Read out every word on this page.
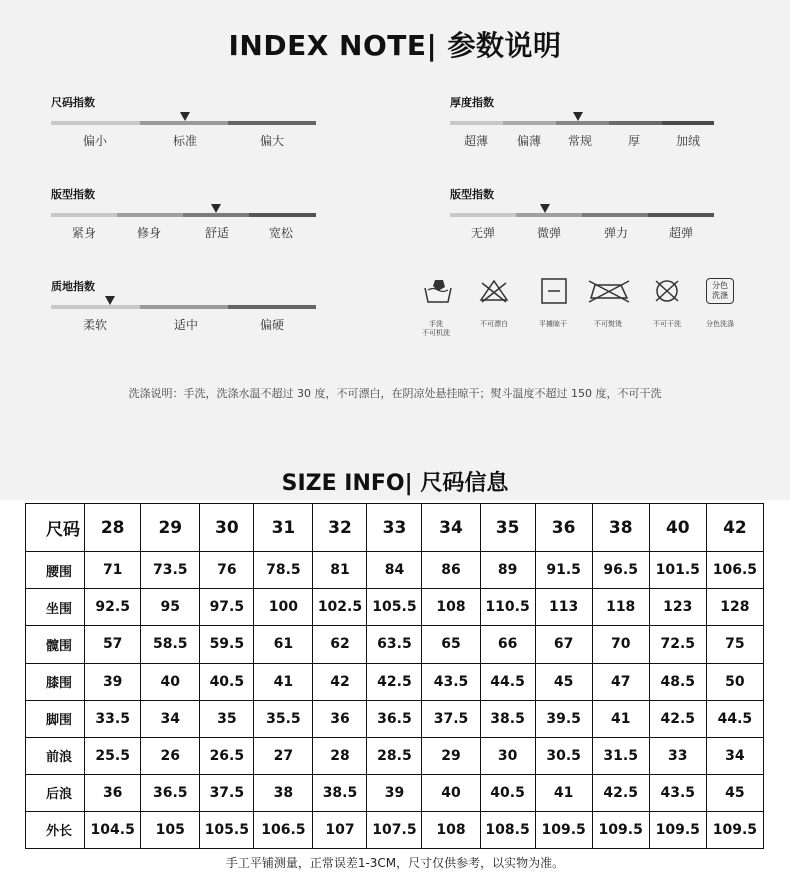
INDEX NOTE| 参数说明
尺码指数
偏小	标准	偏大
厚度指数
超薄 偏薄 常规	厚	加绒
版型指数
紧身	修身	舒适	宽松
版型指数
无弹	微弹	弹力	超弹
质地指数
柔软	适中	偏硬	手洗
不可机洗
不可漂白	平摊晾干	不可熨烫	不可干洗
分色
洗涤
分色洗涤
洗涤说明：手洗，洗涤水温不超过 30 度，不可漂白，在阴凉处悬挂晾干；熨斗温度不超过 150 度，不可干洗
SIZE INFO| 尺码信息
尺码	28	29	30	31	32	33	34	35	36	38	40	42
腰围	71	73.5	76	78.5	81	84	86	89	91.5	96.5	101.5	106.5
坐围	92.5	95	97.5	100	102.5	105.5	108	110.5	113	118	123	128
髋围	57	58.5	59.5	61	62	63.5	65	66	67	70	72.5	75
膝围	39	40	40.5	41	42	42.5	43.5	44.5	45	47	48.5	50
脚围	33.5	34	35	35.5	36	36.5	37.5	38.5	39.5	41	42.5	44.5
前浪	25.5	26	26.5	27	28	28.5	29	30	30.5	31.5	33	34
后浪	36	36.5	37.5	38	38.5	39	40	40.5	41	42.5	43.5	45
外长	104.5	105	105.5	106.5	107	107.5	108	108.5	109.5	109.5	109.5	109.5
手工平铺测量，正常误差1-3CM，尺寸仅供参考，以实物为准。
